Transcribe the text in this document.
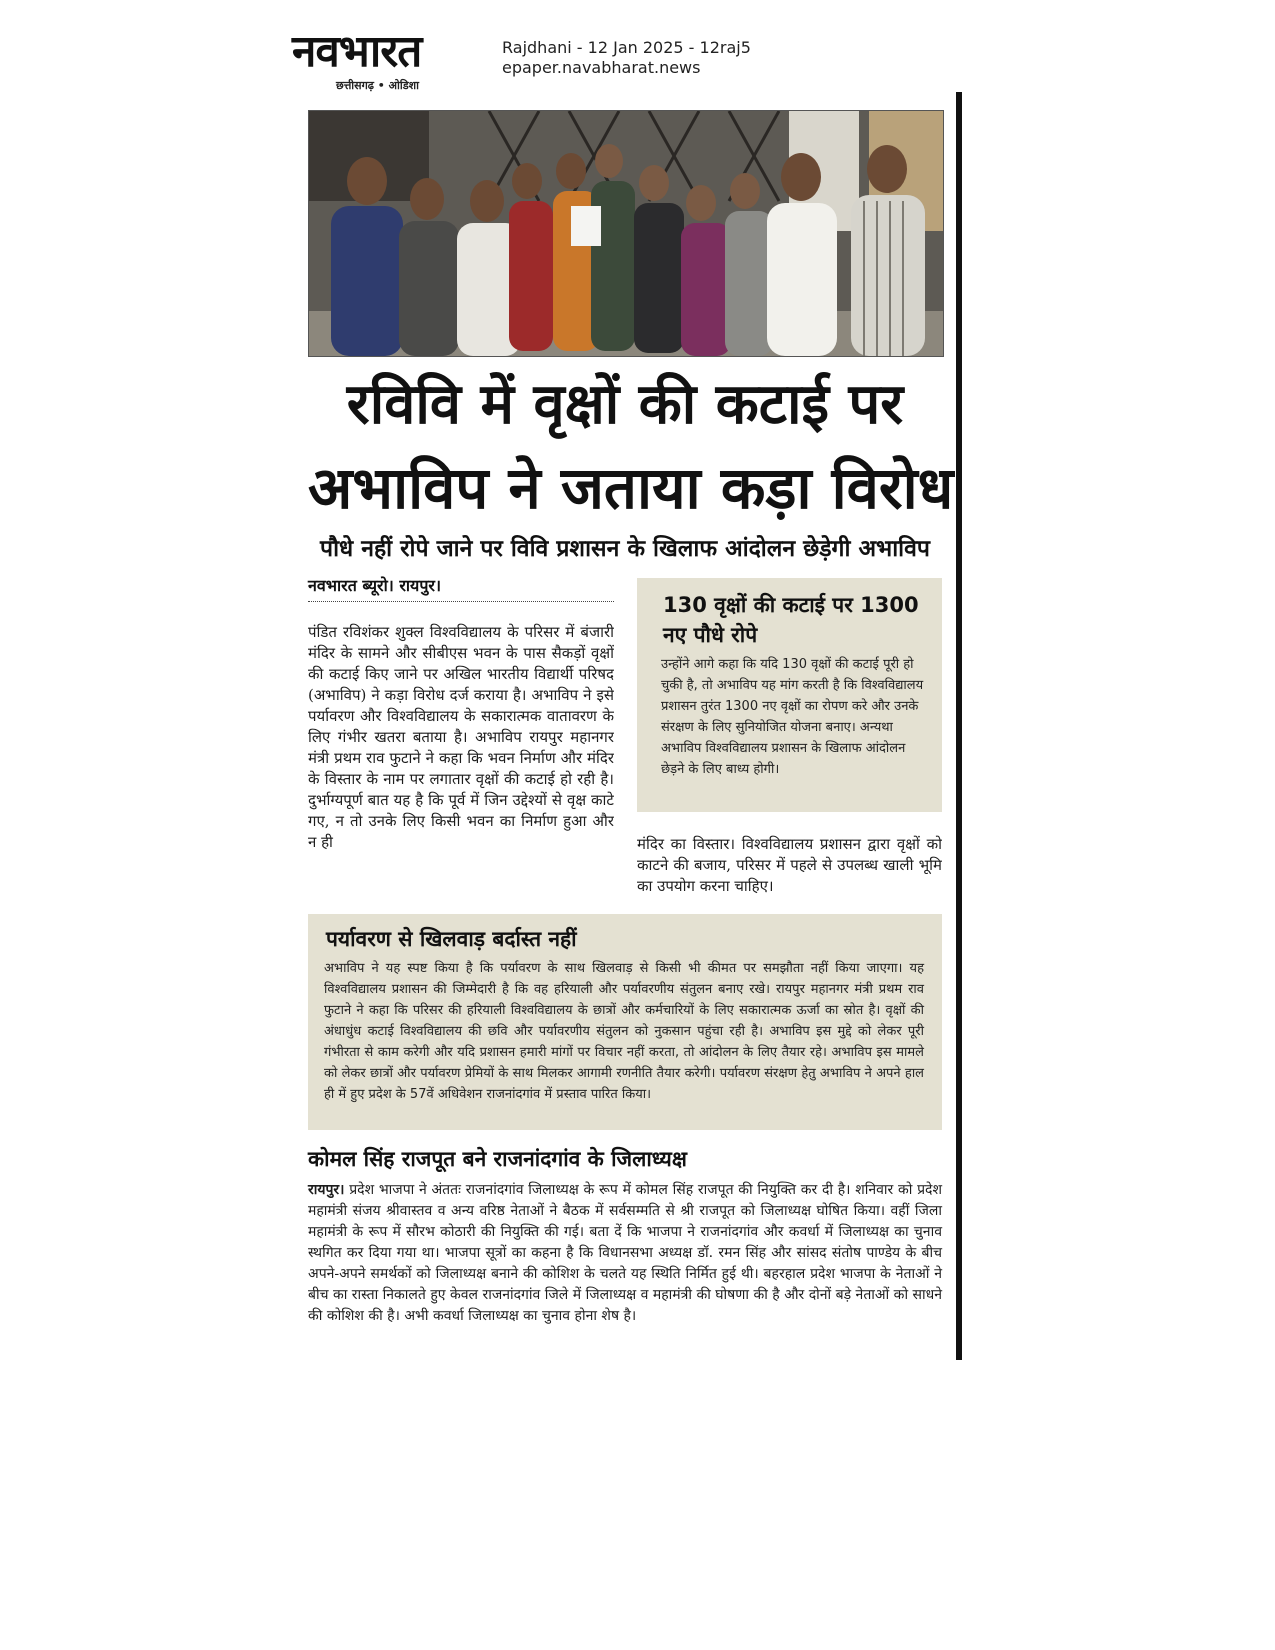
नवभारत
छत्तीसगढ़ • ओडिशा
Rajdhani - 12 Jan 2025 - 12raj5
epaper.navabharat.news
रविवि में वृक्षों की कटाई पर
अभाविप ने जताया कड़ा विरोध
पौधे नहीं रोपे जाने पर विवि प्रशासन के खिलाफ आंदोलन छेड़ेगी अभाविप
नवभारत ब्यूरो। रायपुर।
पंडित रविशंकर शुक्ल विश्वविद्यालय के परिसर में बंजारी मंदिर के सामने और सीबीएस भवन के पास सैकड़ों वृक्षों की कटाई किए जाने पर अखिल भारतीय विद्यार्थी परिषद (अभाविप) ने कड़ा विरोध दर्ज कराया है। अभाविप ने इसे पर्यावरण और विश्वविद्यालय के सकारात्मक वातावरण के लिए गंभीर खतरा बताया है। अभाविप रायपुर महानगर मंत्री प्रथम राव फुटाने ने कहा कि भवन निर्माण और मंदिर के विस्तार के नाम पर लगातार वृक्षों की कटाई हो रही है। दुर्भाग्यपूर्ण बात यह है कि पूर्व में जिन उद्देश्यों से वृक्ष काटे गए, न तो उनके लिए किसी भवन का निर्माण हुआ और न ही
130 वृक्षों की कटाई पर 1300 नए पौधे रोपे
उन्होंने आगे कहा कि यदि 130 वृक्षों की कटाई पूरी हो चुकी है, तो अभाविप यह मांग करती है कि विश्वविद्यालय प्रशासन तुरंत 1300 नए वृक्षों का रोपण करे और उनके संरक्षण के लिए सुनियोजित योजना बनाए। अन्यथा अभाविप विश्वविद्यालय प्रशासन के खिलाफ आंदोलन छेड़ने के लिए बाध्य होगी।
मंदिर का विस्तार। विश्वविद्यालय प्रशासन द्वारा वृक्षों को काटने की बजाय, परिसर में पहले से उपलब्ध खाली भूमि का उपयोग करना चाहिए।
पर्यावरण से खिलवाड़ बर्दास्त नहीं
अभाविप ने यह स्पष्ट किया है कि पर्यावरण के साथ खिलवाड़ से किसी भी कीमत पर समझौता नहीं किया जाएगा। यह विश्वविद्यालय प्रशासन की जिम्मेदारी है कि वह हरियाली और पर्यावरणीय संतुलन बनाए रखे। रायपुर महानगर मंत्री प्रथम राव फुटाने ने कहा कि परिसर की हरियाली विश्वविद्यालय के छात्रों और कर्मचारियों के लिए सकारात्मक ऊर्जा का स्रोत है। वृक्षों की अंधाधुंध कटाई विश्वविद्यालय की छवि और पर्यावरणीय संतुलन को नुकसान पहुंचा रही है। अभाविप इस मुद्दे को लेकर पूरी गंभीरता से काम करेगी और यदि प्रशासन हमारी मांगों पर विचार नहीं करता, तो आंदोलन के लिए तैयार रहे। अभाविप इस मामले को लेकर छात्रों और पर्यावरण प्रेमियों के साथ मिलकर आगामी रणनीति तैयार करेगी। पर्यावरण संरक्षण हेतु अभाविप ने अपने हाल ही में हुए प्रदेश के 57वें अधिवेशन राजनांदगांव में प्रस्ताव पारित किया।
कोमल सिंह राजपूत बने राजनांदगांव के जिलाध्यक्ष
रायपुर। प्रदेश भाजपा ने अंततः राजनांदगांव जिलाध्यक्ष के रूप में कोमल सिंह राजपूत की नियुक्ति कर दी है। शनिवार को प्रदेश महामंत्री संजय श्रीवास्तव व अन्य वरिष्ठ नेताओं ने बैठक में सर्वसम्मति से श्री राजपूत को जिलाध्यक्ष घोषित किया। वहीं जिला महामंत्री के रूप में सौरभ कोठारी की नियुक्ति की गई। बता दें कि भाजपा ने राजनांदगांव और कवर्धा में जिलाध्यक्ष का चुनाव स्थगित कर दिया गया था। भाजपा सूत्रों का कहना है कि विधानसभा अध्यक्ष डॉ. रमन सिंह और सांसद संतोष पाण्डेय के बीच अपने-अपने समर्थकों को जिलाध्यक्ष बनाने की कोशिश के चलते यह स्थिति निर्मित हुई थी। बहरहाल प्रदेश भाजपा के नेताओं ने बीच का रास्ता निकालते हुए केवल राजनांदगांव जिले में जिलाध्यक्ष व महामंत्री की घोषणा की है और दोनों बड़े नेताओं को साधने की कोशिश की है। अभी कवर्धा जिलाध्यक्ष का चुनाव होना शेष है।
